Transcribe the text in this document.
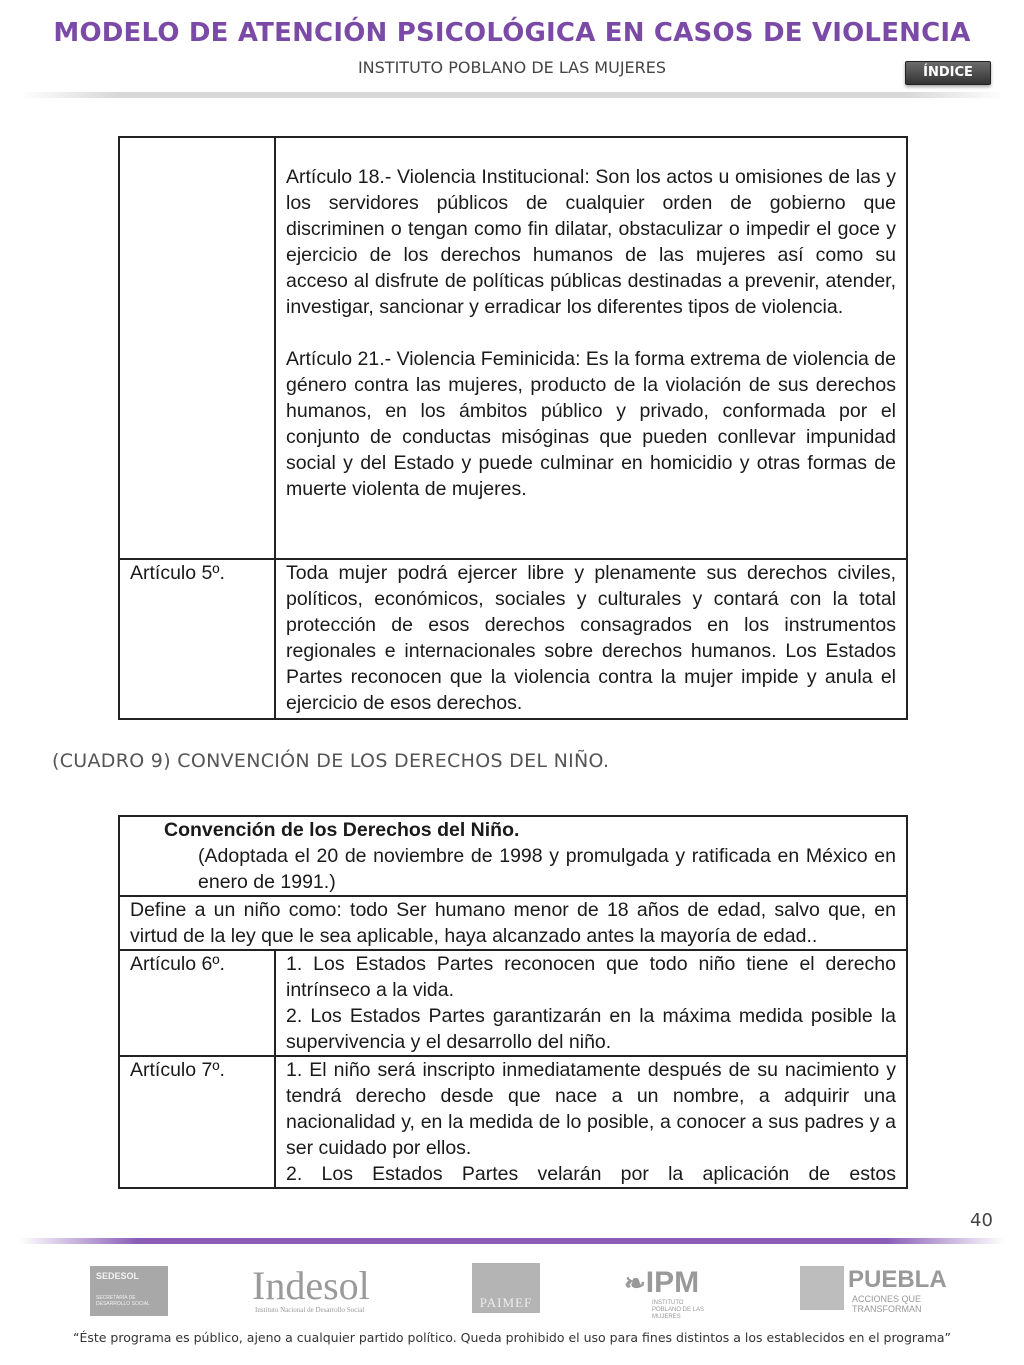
MODELO DE ATENCIÓN PSICOLÓGICA EN CASOS DE VIOLENCIA
INSTITUTO POBLANO DE LAS MUJERES	ÍNDICE

	Artículo 18.- Violencia Institucional: Son los actos u omisiones de las y los servidores públicos de cualquier orden de gobierno que discriminen o tengan como fin dilatar, obstaculizar o impedir el goce y ejercicio de los derechos humanos de las mujeres así como su acceso al disfrute de políticas públicas destinadas a prevenir, atender, investigar, sancionar y erradicar los diferentes tipos de violencia.

Artículo 21.- Violencia Feminicida: Es la forma extrema de violencia de género contra las mujeres, producto de la violación de sus derechos humanos, en los ámbitos público y privado, conformada por el conjunto de conductas misóginas que pueden conllevar impunidad social y del Estado y puede culminar en homicidio y otras formas de muerte violenta de mujeres.

Artículo 5º.	Toda mujer podrá ejercer libre y plenamente sus derechos civiles, políticos, económicos, sociales y culturales y contará con la total protección de esos derechos consagrados en los instrumentos regionales e internacionales sobre derechos humanos. Los Estados Partes reconocen que la violencia contra la mujer impide y anula el ejercicio de esos derechos.
(CUADRO 9) CONVENCIÓN DE LOS DERECHOS DEL NIÑO.
Convención de los Derechos del Niño.
(Adoptada el 20 de noviembre de 1998 y promulgada y ratificada en México en enero de 1991.)	

Define a un niño como: todo Ser humano menor de 18 años de edad, salvo que, en virtud de la ley que le sea aplicable, haya alcanzado antes la mayoría de edad..	
Artículo 6º.	1. Los Estados Partes reconocen que todo niño tiene el derecho intrínseco a la vida.

2. Los Estados Partes garantizarán en la máxima medida posible la supervivencia y el desarrollo del niño.

Artículo 7º.	1. El niño será inscripto inmediatamente después de su nacimiento y tendrá derecho desde que nace a un nombre, a adquirir una nacionalidad y, en la medida de lo posible, a conocer a sus padres y a ser cuidado por ellos.

2. Los Estados Partes velarán por la aplicación de estos

40
SEDESOL
SECRETARÍA DE DESARROLLO SOCIAL	Indesol
Instituto Nacional de Desarrollo Social	PAIMEF
❧IPM
INSTITUTO POBLANO DE LAS MUJERES
PUEBLA
ACCIONES QUE TRANSFORMAN
“Éste programa es público, ajeno a cualquier partido político. Queda prohibido el uso para fines distintos a los establecidos en el programa”
